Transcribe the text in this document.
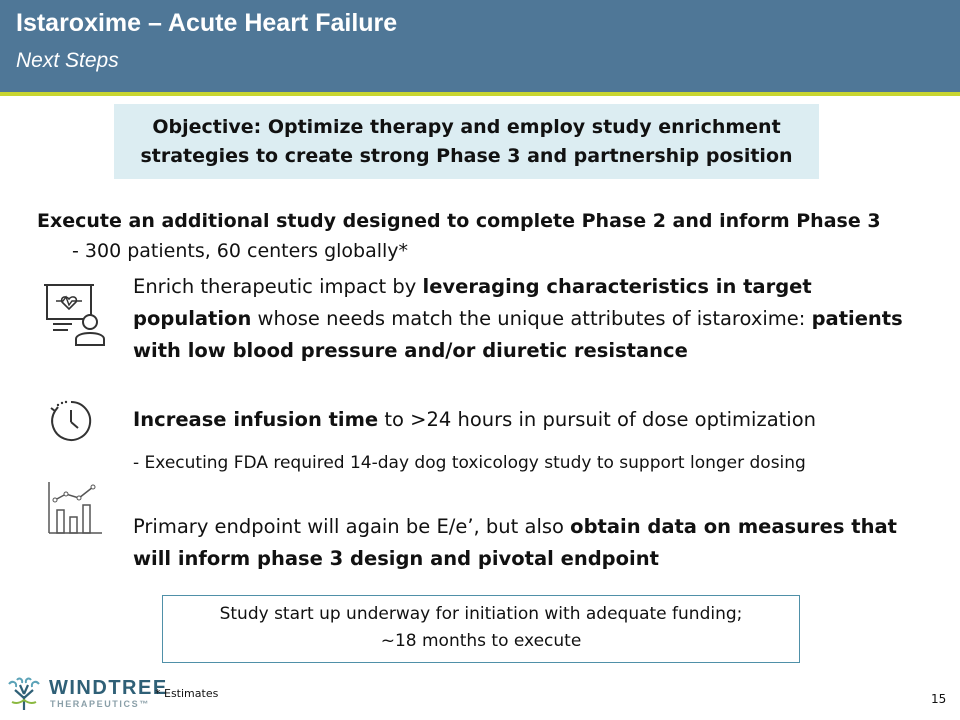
Istaroxime – Acute Heart Failure
Next Steps
Objective: Optimize therapy and employ study enrichment
strategies to create strong Phase 3 and partnership position
Execute an additional study designed to complete Phase 2 and inform Phase 3
- 300 patients, 60 centers globally*
Enrich therapeutic impact by leveraging characteristics in target population whose needs match the unique attributes of istaroxime: patients with low blood pressure and/or diuretic resistance
Increase infusion time to >24 hours in pursuit of dose optimization
- Executing FDA required 14-day dog toxicology study to support longer dosing
Primary endpoint will again be E/e’, but also obtain data on measures that will inform phase 3 design and pivotal endpoint
Study start up underway for initiation with adequate funding;
~18 months to execute
WINDTREE
THERAPEUTICS™
* Estimates	15
